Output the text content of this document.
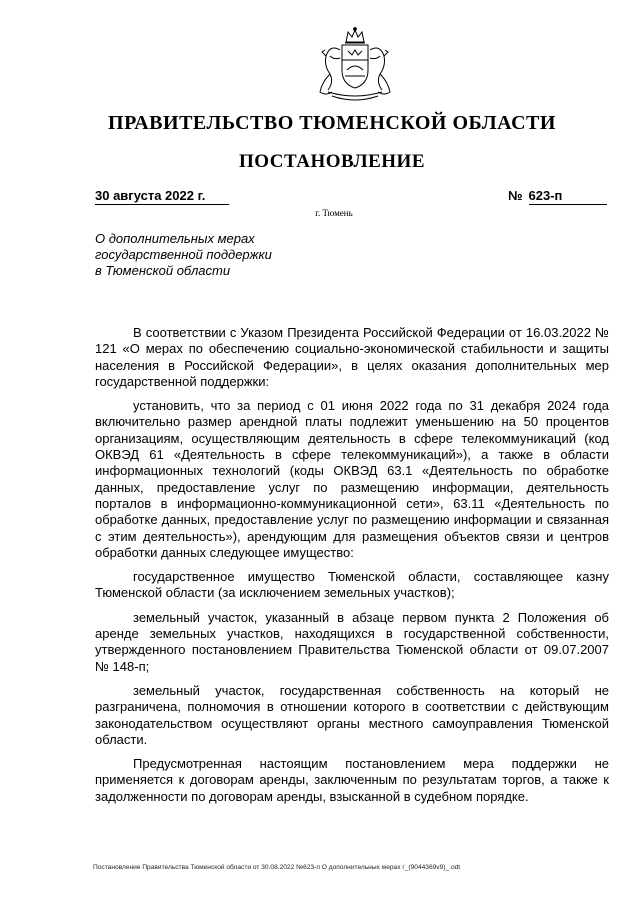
ПРАВИТЕЛЬСТВО ТЮМЕНСКОЙ ОБЛАСТИ
ПОСТАНОВЛЕНИЕ
30 августа 2022 г.	№ 623-п
г. Тюмень
О дополнительных мерах
государственной поддержки
в Тюменской области

В соответствии с Указом Президента Российской Федерации от 16.03.2022 № 121 «О мерах по обеспечению социально-экономической стабильности и защиты населения в Российской Федерации», в целях оказания дополнительных мер государственной поддержки:

установить, что за период с 01 июня 2022 года по 31 декабря 2024 года включительно размер арендной платы подлежит уменьшению на 50 процентов организациям, осуществляющим деятельность в сфере телекоммуникаций (код ОКВЭД 61 «Деятельность в сфере телекоммуникаций»), а также в области информационных технологий (коды ОКВЭД 63.1 «Деятельность по обработке данных, предоставление услуг по размещению информации, деятельность порталов в информационно-коммуникационной сети», 63.11 «Деятельность по обработке данных, предоставление услуг по размещению информации и связанная с этим деятельность»), арендующим для размещения объектов связи и центров обработки данных следующее имущество:

государственное имущество Тюменской области, составляющее казну Тюменской области (за исключением земельных участков);

земельный участок, указанный в абзаце первом пункта 2 Положения об аренде земельных участков, находящихся в государственной собственности, утвержденного постановлением Правительства Тюменской области от 09.07.2007 № 148-п;

земельный участок, государственная собственность на который не разграничена, полномочия в отношении которого в соответствии с действующим законодательством осуществляют органы местного самоуправления Тюменской области.

Предусмотренная настоящим постановлением мера поддержки не применяется к договорам аренды, заключенным по результатам торгов, а также к задолженности по договорам аренды, взысканной в судебном порядке.

Постановление Правительства Тюменской области от 30.08.2022 №623-п О дополнительных мерах г_(9044369v9)_.odt
